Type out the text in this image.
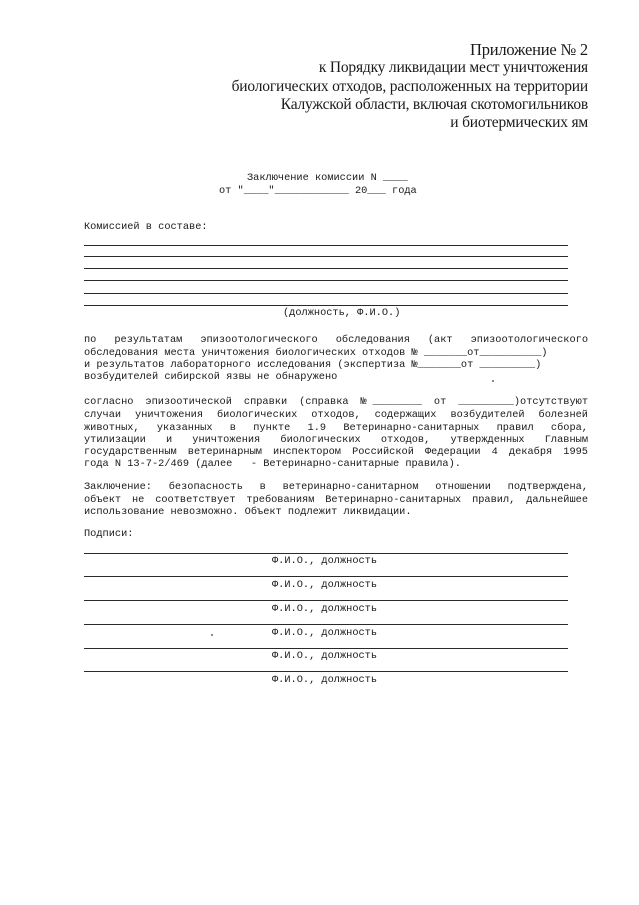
Приложение № 2
к Порядку ликвидации мест уничтожения
биологических отходов, расположенных на территории
Калужской области, включая скотомогильников
и биотермических ям
Заключение комиссии N ____
от "____"____________ 20___ года
Комиссией в составе:
(должность, Ф.И.О.)
по результатам эпизоотологического обследования (акт эпизоотологического
обследования места уничтожения биологических отходов № _______от__________)
и результатов лабораторного исследования (экспертиза №_______от _________)
возбудителей сибирской язвы не обнаружено
согласно эпизоотической справки (справка №________ от _________)отсутствуют
случаи уничтожения биологических отходов, содержащих возбудителей болезней
животных, указанных в пункте 1.9 Ветеринарно-санитарных правил сбора,
утилизации и уничтожения биологических отходов, утвержденных Главным
государственным ветеринарным инспектором Российской Федерации 4 декабря 1995
года N 13-7-2/469 (далее   - Ветеринарно-санитарные правила).
Заключение: безопасность в ветеринарно-санитарном отношении подтверждена,
объект не соответствует требованиям Ветеринарно-санитарных правил, дальнейшее
использование невозможно. Объект подлежит ликвидации.
Подписи:
Ф.И.О., должность
Ф.И.О., должность
Ф.И.О., должность
Ф.И.О., должность
Ф.И.О., должность
Ф.И.О., должность
